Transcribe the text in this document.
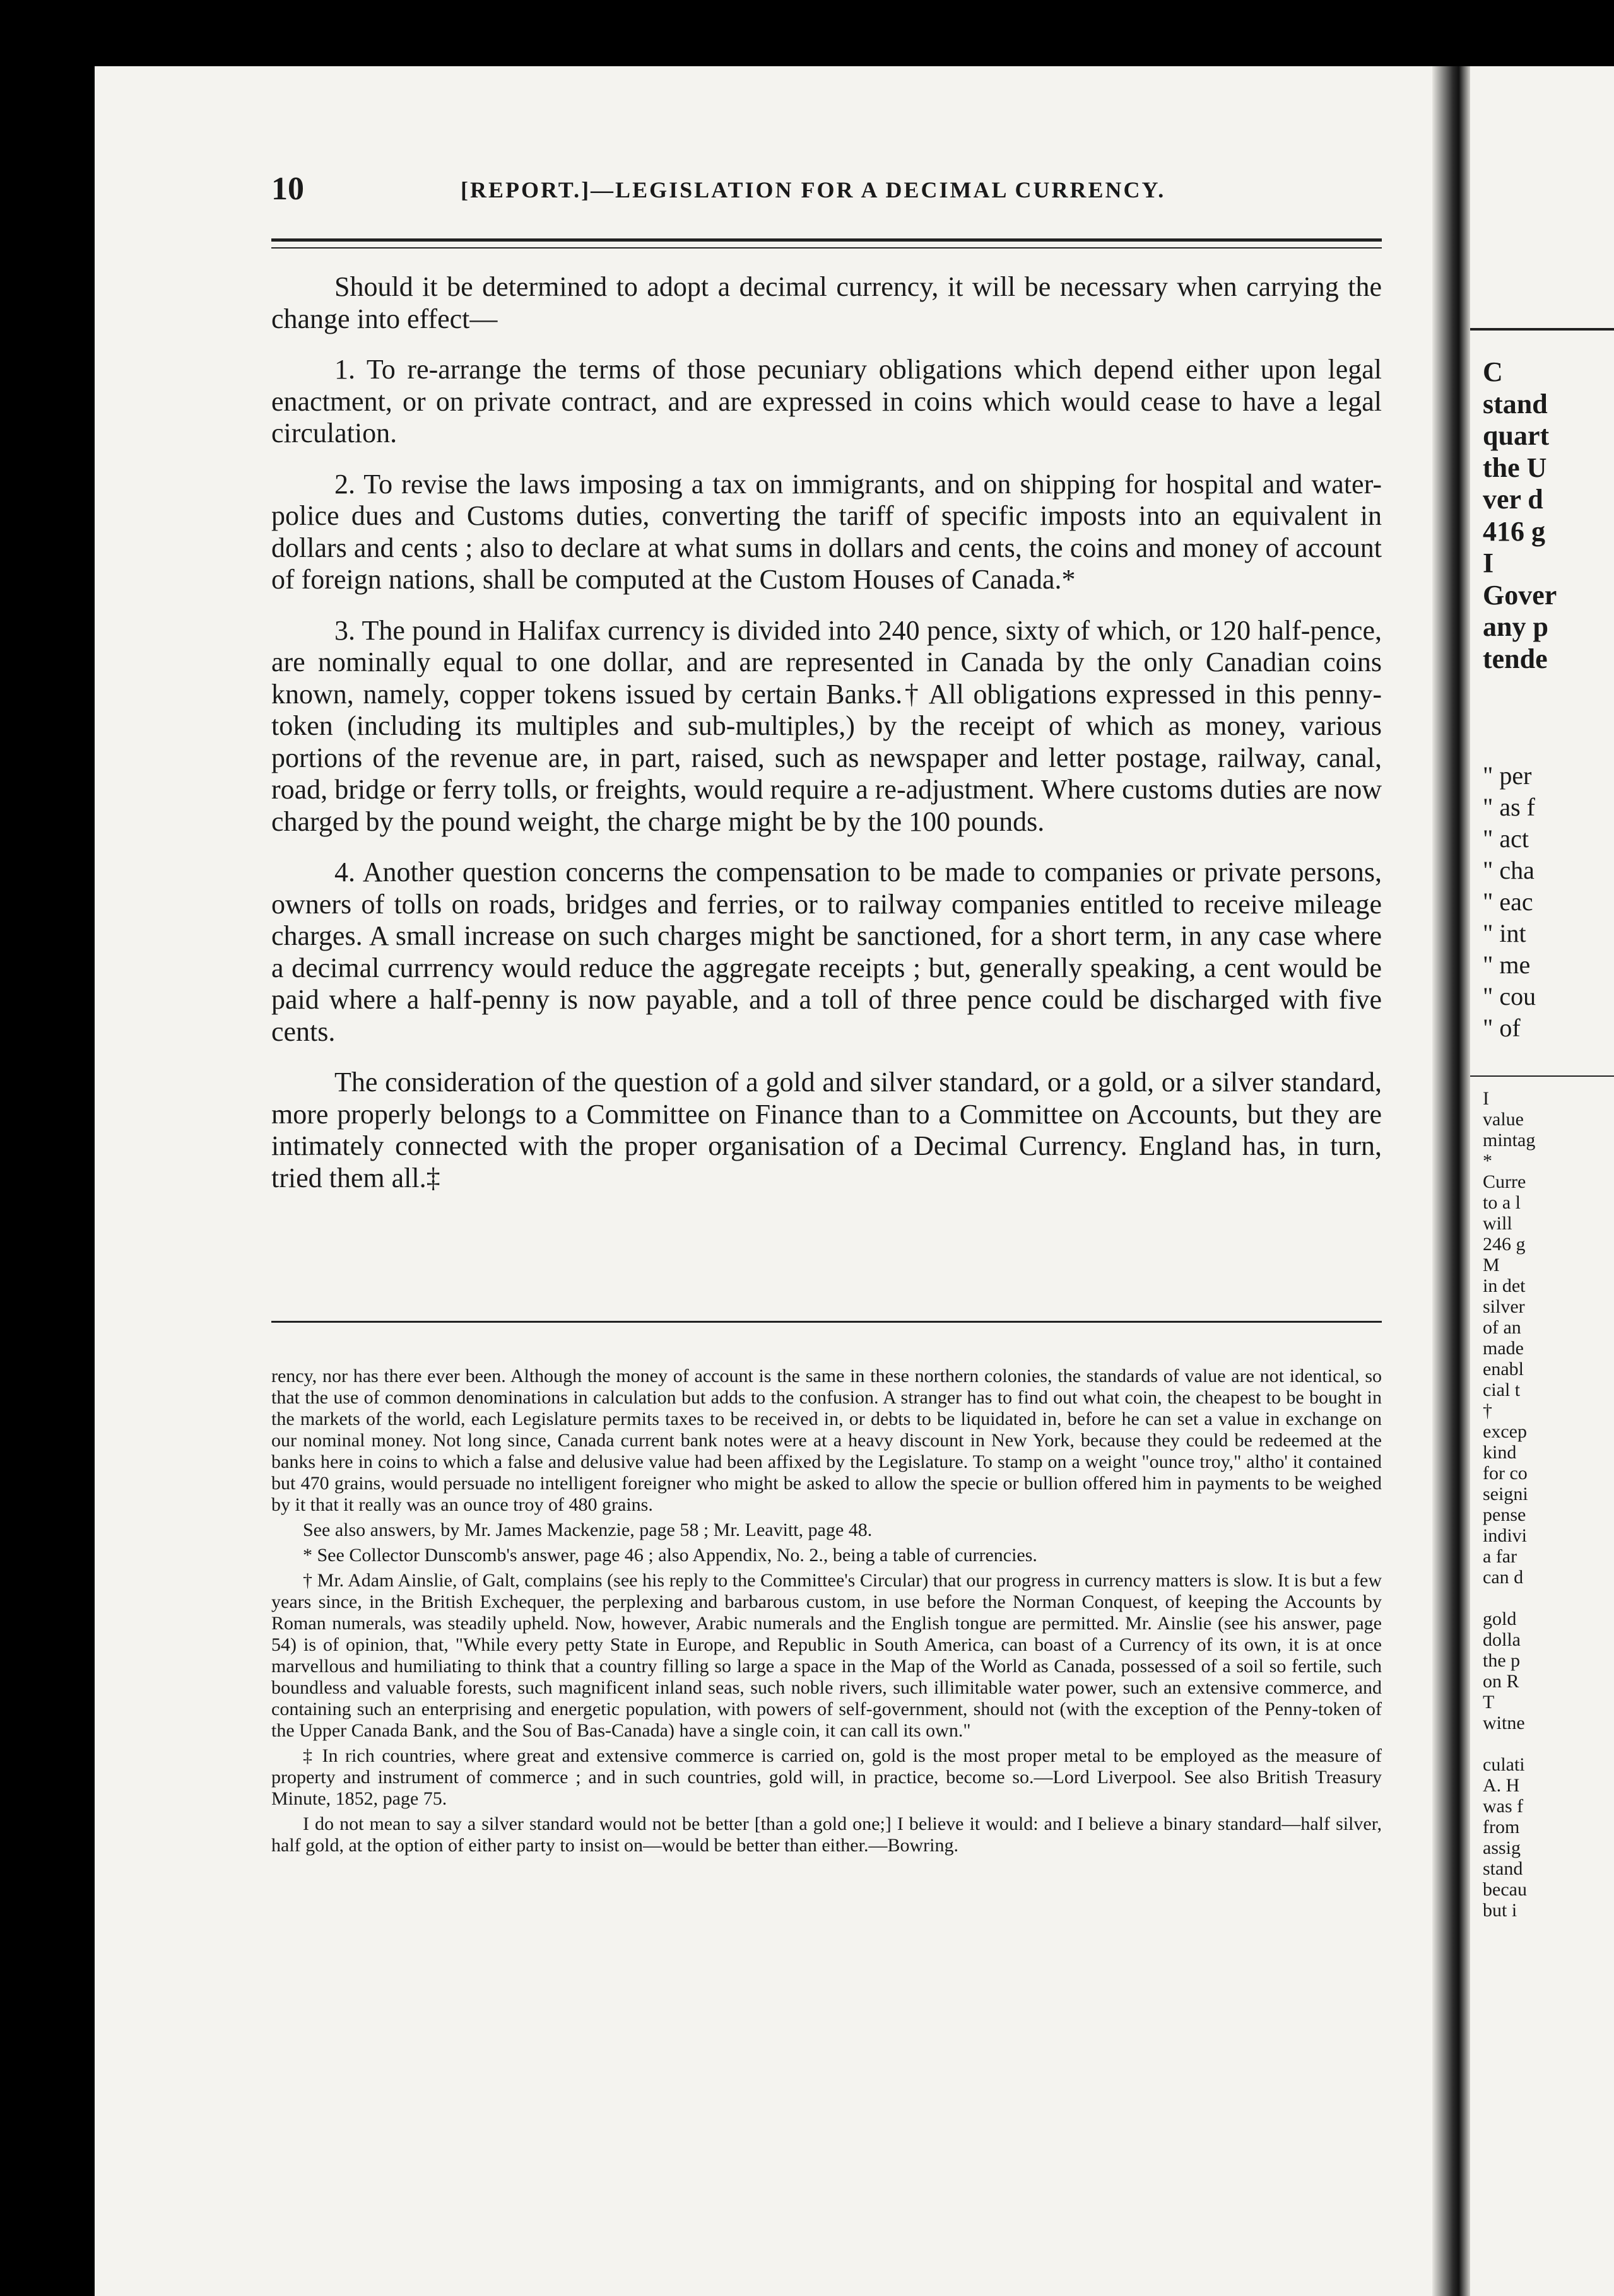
10	[REPORT.]—LEGISLATION FOR A DECIMAL CURRENCY.

Should it be determined to adopt a decimal currency, it will be necessary when carrying the change into effect—

1. To re-arrange the terms of those pecuniary obligations which depend either upon legal enactment, or on private contract, and are expressed in coins which would cease to have a legal circulation.

2. To revise the laws imposing a tax on immigrants, and on shipping for hospital and water-police dues and Customs duties, converting the tariff of specific imposts into an equivalent in dollars and cents ; also to declare at what sums in dollars and cents, the coins and money of account of foreign nations, shall be computed at the Custom Houses of Canada.*

3. The pound in Halifax currency is divided into 240 pence, sixty of which, or 120 half-pence, are nominally equal to one dollar, and are represented in Canada by the only Canadian coins known, namely, copper tokens issued by certain Banks.† All obligations expressed in this penny-token (including its multiples and sub-multiples,) by the receipt of which as money, various portions of the revenue are, in part, raised, such as newspaper and letter postage, railway, canal, road, bridge or ferry tolls, or freights, would require a re-adjustment. Where customs duties are now charged by the pound weight, the charge might be by the 100 pounds.

4. Another question concerns the compensation to be made to companies or private persons, owners of tolls on roads, bridges and ferries, or to railway companies entitled to receive mileage charges. A small increase on such charges might be sanctioned, for a short term, in any case where a decimal currrency would reduce the aggregate receipts ; but, generally speaking, a cent would be paid where a half-penny is now payable, and a toll of three pence could be discharged with five cents.

The consideration of the question of a gold and silver standard, or a gold, or a silver standard, more properly belongs to a Committee on Finance than to a Committee on Accounts, but they are intimately connected with the proper organisation of a Decimal Currency. England has, in turn, tried them all.‡

rency, nor has there ever been. Although the money of account is the same in these northern colonies, the standards of value are not identical, so that the use of common denominations in calculation but adds to the confusion. A stranger has to find out what coin, the cheapest to be bought in the markets of the world, each Legislature permits taxes to be received in, or debts to be liquidated in, before he can set a value in exchange on our nominal money. Not long since, Canada current bank notes were at a heavy discount in New York, because they could be redeemed at the banks here in coins to which a false and delusive value had been affixed by the Legislature. To stamp on a weight "ounce troy," altho' it contained but 470 grains, would persuade no intelligent foreigner who might be asked to allow the specie or bullion offered him in payments to be weighed by it that it really was an ounce troy of 480 grains.

See also answers, by Mr. James Mackenzie, page 58 ; Mr. Leavitt, page 48.

* See Collector Dunscomb's answer, page 46 ; also Appendix, No. 2., being a table of currencies.

† Mr. Adam Ainslie, of Galt, complains (see his reply to the Committee's Circular) that our progress in currency matters is slow. It is but a few years since, in the British Exchequer, the perplexing and barbarous custom, in use before the Norman Conquest, of keeping the Accounts by Roman numerals, was steadily upheld. Now, however, Arabic numerals and the English tongue are permitted. Mr. Ainslie (see his answer, page 54) is of opinion, that, "While every petty State in Europe, and Republic in South America, can boast of a Currency of its own, it is at once marvellous and humiliating to think that a country filling so large a space in the Map of the World as Canada, possessed of a soil so fertile, such boundless and valuable forests, such magnificent inland seas, such noble rivers, such illimitable water power, such an extensive commerce, and containing such an enterprising and energetic population, with powers of self-government, should not (with the exception of the Penny-token of the Upper Canada Bank, and the Sou of Bas-Canada) have a single coin, it can call its own."

‡ In rich countries, where great and extensive commerce is carried on, gold is the most proper metal to be employed as the measure of property and instrument of commerce ; and in such countries, gold will, in practice, become so.—Lord Liverpool. See also British Treasury Minute, 1852, page 75.

I do not mean to say a silver standard would not be better [than a gold one;] I believe it would: and I believe a binary standard—half silver, half gold, at the option of either party to insist on—would be better than either.—Bowring.

C
stand
quart
the U
ver d
416 g
I
Gover
any p
tende
" per
" as f
" act
" cha
" eac
" int
" me
" cou
" of
I
value
mintag
*
Curre
to a l
will
246 g
M
in det
silver
of an
made
enabl
cial t
†
excep
kind
for co
seigni
pense
indivi
a far
can d

gold
dolla
the p
on R
T
witne

culati
A. H
was f
from
assig
stand
becau
but i
